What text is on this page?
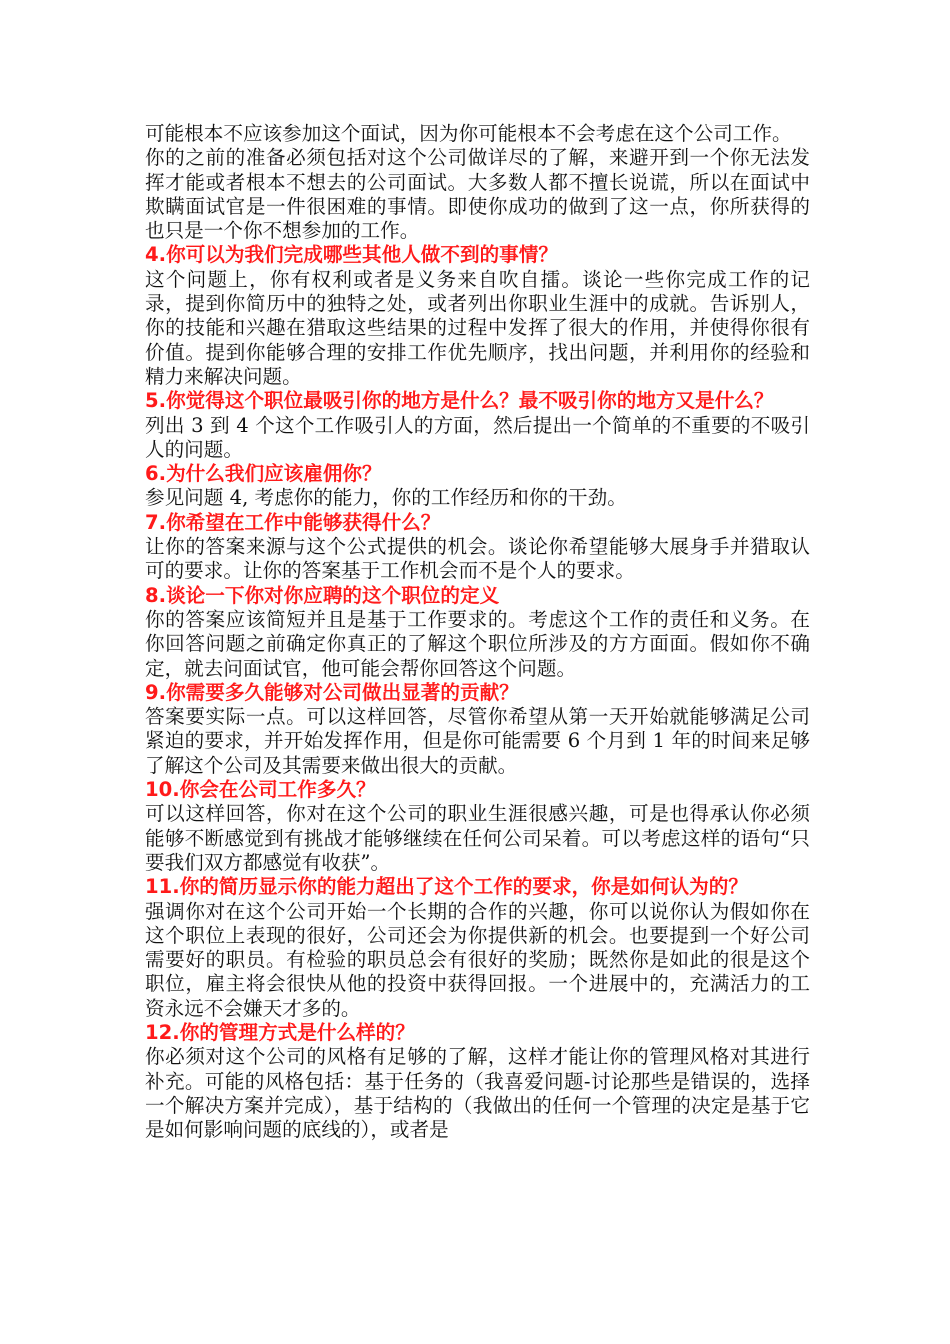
可能根本不应该参加这个面试，因为你可能根本不会考虑在这个公司工作。

你的之前的准备必须包括对这个公司做详尽的了解，来避开到一个你无法发挥才能或者根本不想去的公司面试。大多数人都不擅长说谎，所以在面试中欺瞒面试官是一件很困难的事情。即使你成功的做到了这一点，你所获得的也只是一个你不想参加的工作。

4.你可以为我们完成哪些其他人做不到的事情？

这个问题上，你有权利或者是义务来自吹自擂。谈论一些你完成工作的记录，提到你简历中的独特之处，或者列出你职业生涯中的成就。告诉别人，你的技能和兴趣在猎取这些结果的过程中发挥了很大的作用，并使得你很有价值。提到你能够合理的安排工作优先顺序，找出问题，并利用你的经验和精力来解决问题。

5.你觉得这个职位最吸引你的地方是什么？最不吸引你的地方又是什么？

列出 3 到 4 个这个工作吸引人的方面，然后提出一个简单的不重要的不吸引人的问题。

6.为什么我们应该雇佣你？

参见问题 4, 考虑你的能力，你的工作经历和你的干劲。

7.你希望在工作中能够获得什么？

让你的答案来源与这个公式提供的机会。谈论你希望能够大展身手并猎取认可的要求。让你的答案基于工作机会而不是个人的要求。

8.谈论一下你对你应聘的这个职位的定义

你的答案应该简短并且是基于工作要求的。考虑这个工作的责任和义务。在你回答问题之前确定你真正的了解这个职位所涉及的方方面面。假如你不确定，就去问面试官，他可能会帮你回答这个问题。

9.你需要多久能够对公司做出显著的贡献？

答案要实际一点。可以这样回答，尽管你希望从第一天开始就能够满足公司紧迫的要求，并开始发挥作用，但是你可能需要 6 个月到 1 年的时间来足够了解这个公司及其需要来做出很大的贡献。

10.你会在公司工作多久？

可以这样回答，你对在这个公司的职业生涯很感兴趣，可是也得承认你必须能够不断感觉到有挑战才能够继续在任何公司呆着。可以考虑这样的语句“只要我们双方都感觉有收获”。

11.你的简历显示你的能力超出了这个工作的要求，你是如何认为的？

强调你对在这个公司开始一个长期的合作的兴趣，你可以说你认为假如你在这个职位上表现的很好，公司还会为你提供新的机会。也要提到一个好公司需要好的职员。有检验的职员总会有很好的奖励；既然你是如此的很是这个职位，雇主将会很快从他的投资中获得回报。一个进展中的，充满活力的工资永远不会嫌天才多的。

12.你的管理方式是什么样的？

你必须对这个公司的风格有足够的了解，这样才能让你的管理风格对其进行补充。可能的风格包括：基于任务的（我喜爱问题-讨论那些是错误的，选择一个解决方案并完成），基于结构的（我做出的任何一个管理的决定是基于它是如何影响问题的底线的），或者是
